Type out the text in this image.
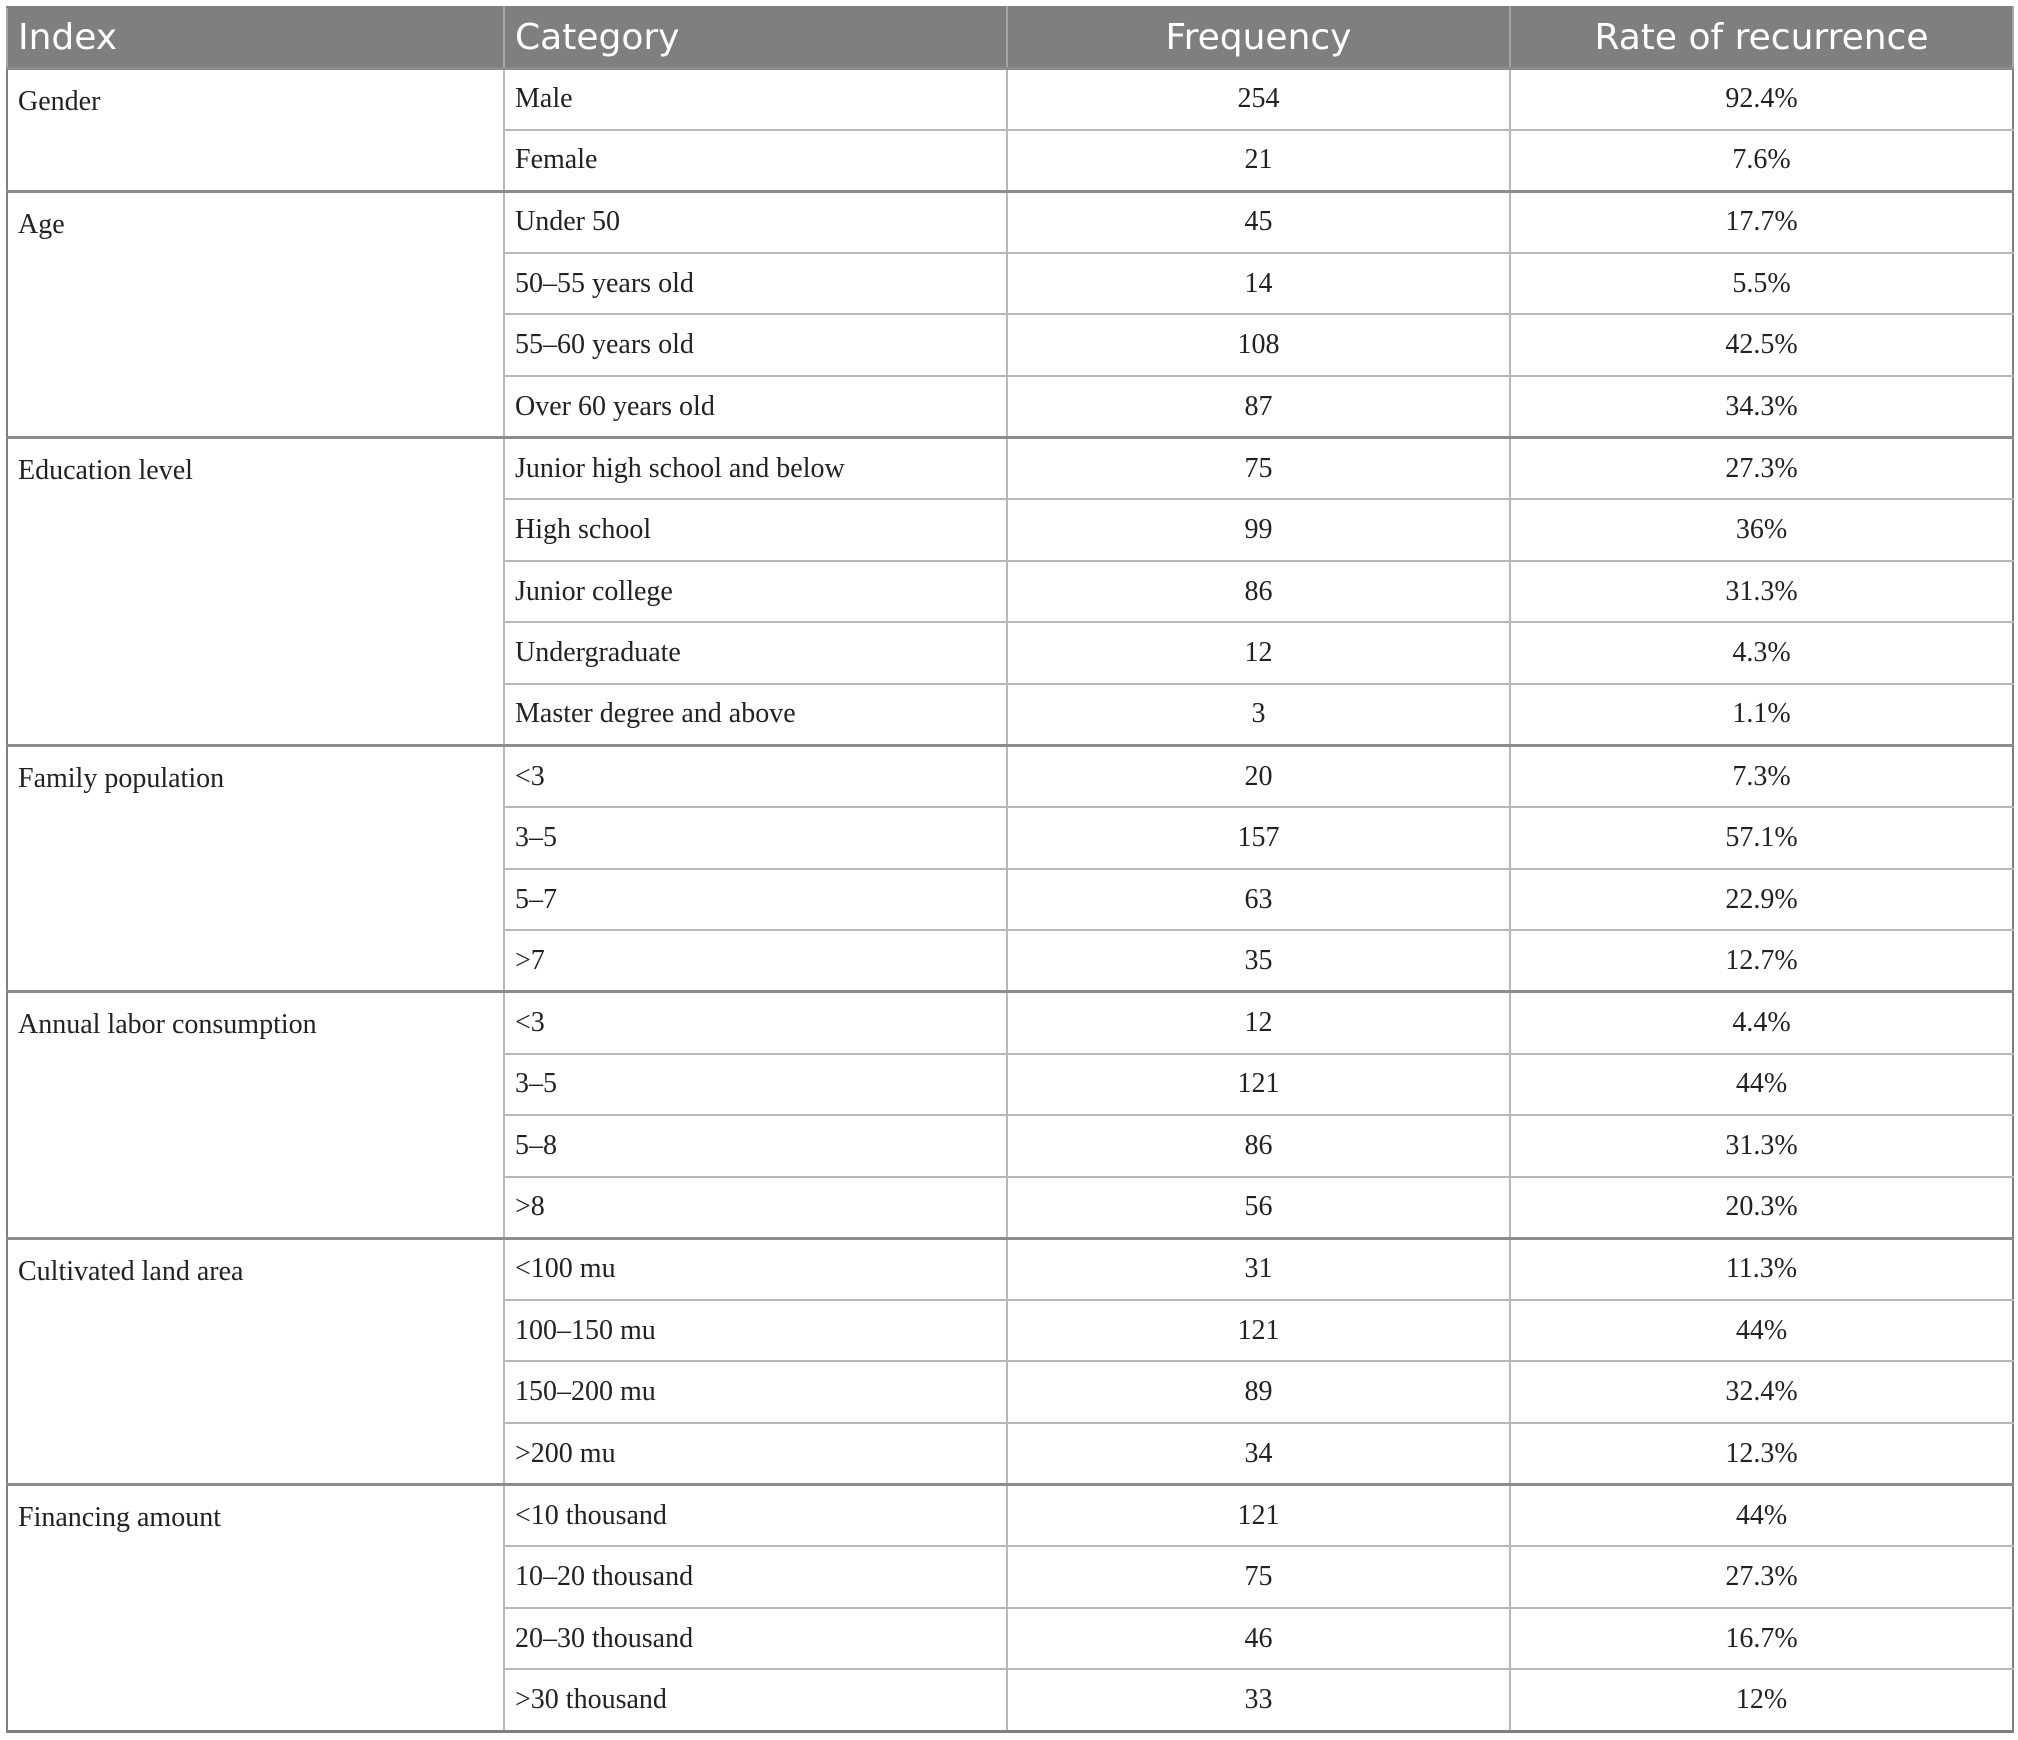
Index	Category	Frequency	Rate of recurrence
Gender	Male	254	92.4%
	Female	21	7.6%
Age	Under 50	45	17.7%
	50–55 years old	14	5.5%
	55–60 years old	108	42.5%
	Over 60 years old	87	34.3%
Education level	Junior high school and below	75	27.3%
	High school	99	36%
	Junior college	86	31.3%
	Undergraduate	12	4.3%
	Master degree and above	3	1.1%
Family population	<3	20	7.3%
	3–5	157	57.1%
	5–7	63	22.9%
	>7	35	12.7%
Annual labor consumption	<3	12	4.4%
	3–5	121	44%
	5–8	86	31.3%
	>8	56	20.3%
Cultivated land area	<100 mu	31	11.3%
	100–150 mu	121	44%
	150–200 mu	89	32.4%
	>200 mu	34	12.3%
Financing amount	<10 thousand	121	44%
	10–20 thousand	75	27.3%
	20–30 thousand	46	16.7%
	>30 thousand	33	12%
